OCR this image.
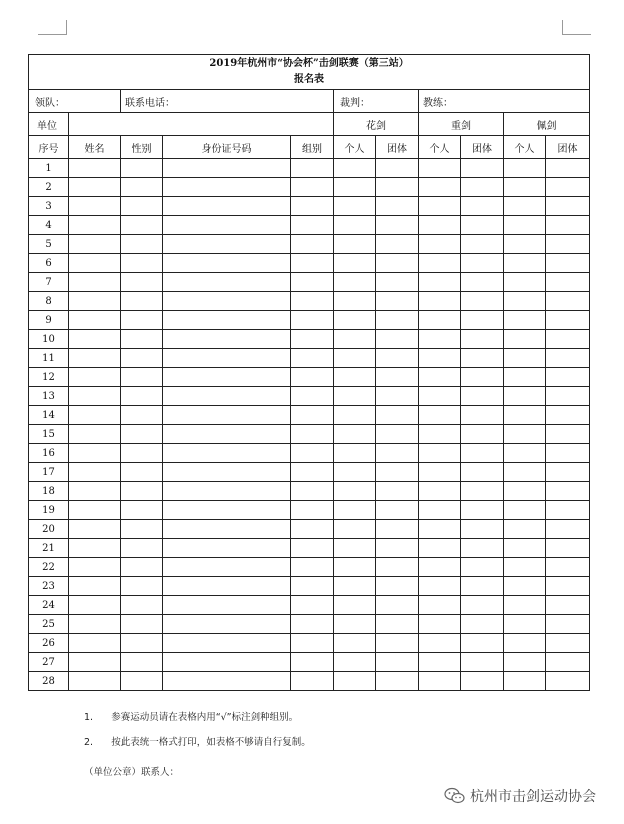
2019年杭州市“协会杯”击剑联赛（第三站）
报名表										

领队：		联系电话：			裁判：		教练：			
单位					花剑		重剑		佩剑	
序号	姓名	性别	身份证号码	组别	个人	团体	个人	团体	个人	团体
1										
2										
3										
4										
5										
6										
7										
8										
9										
10										
11										
12										
13										
14										
15										
16										
17										
18										
19										
20										
21										
22										
23										
24										
25										
26										
27										
28										
1. 参赛运动员请在表格内用“√”标注剑种组别。
2. 按此表统一格式打印，如表格不够请自行复制。
（单位公章）联系人：
杭州市击剑运动协会
